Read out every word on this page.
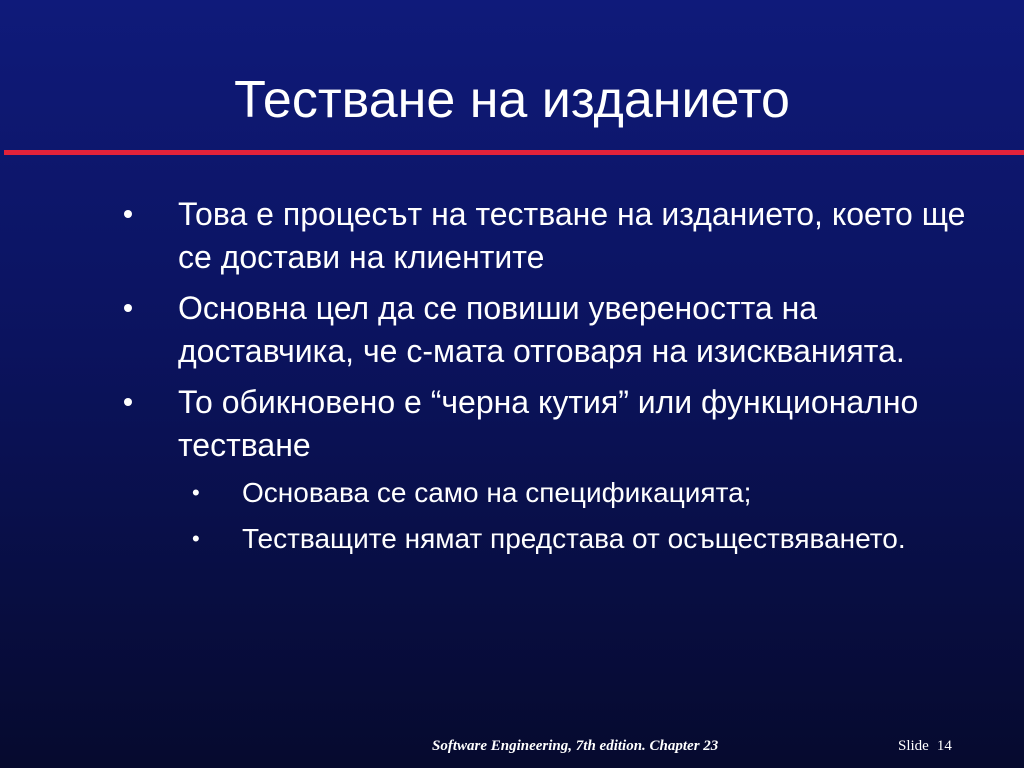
Тестване на изданието
Това е процесът на тестване на изданието, което ще се достави на клиентите
Основна цел да се повиши увереността на доставчика, че с-мата отговаря на изискванията.
То обикновено е “черна кутия” или функционално тестване
• Основава се само на спецификацията;
• Тестващите нямат представа от осъществяването.
Software Engineering, 7th edition. Chapter 23	Slide 14
